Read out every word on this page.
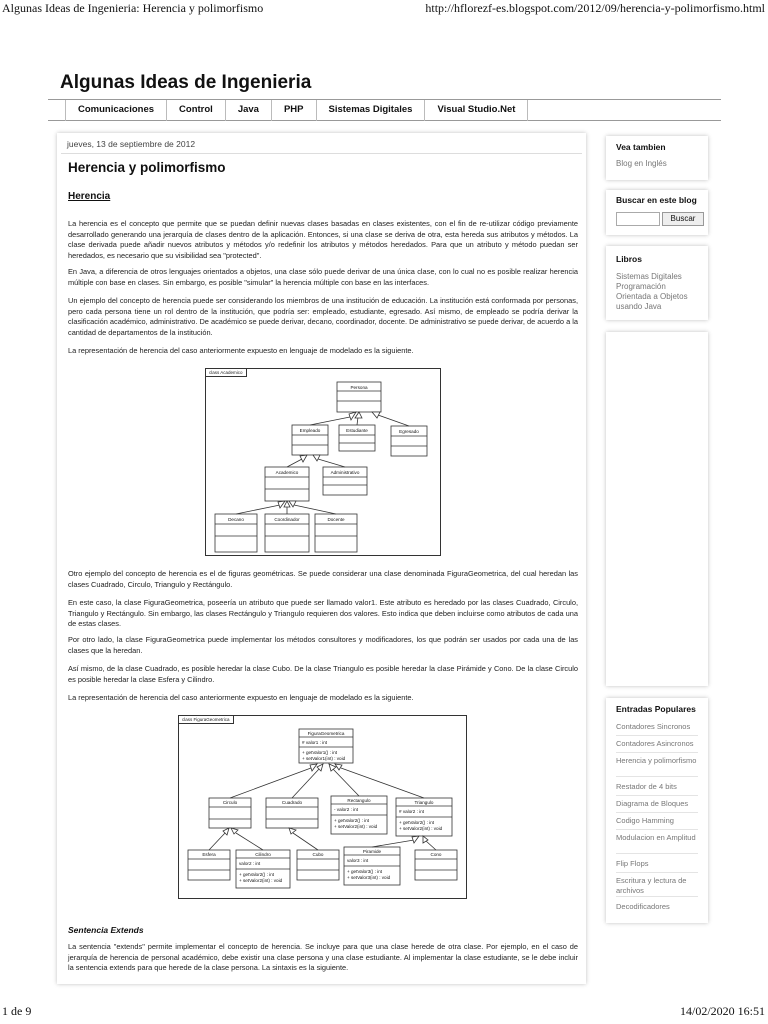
Algunas Ideas de Ingenieria: Herencia y polimorfismo	http://hflorezf-es.blogspot.com/2012/09/herencia-y-polimorfismo.html
Algunas Ideas de Ingenieria
Comunicaciones	Control	Java	PHP	Sistemas Digitales	Visual Studio.Net
jueves, 13 de septiembre de 2012
Herencia y polimorfismo
Herencia

La herencia es el concepto que permite que se puedan definir nuevas clases basadas en clases existentes, con el fin de re-utilizar código previamente desarrollado generando una jerarquía de clases dentro de la aplicación. Entonces, si una clase se deriva de otra, esta hereda sus atributos y métodos. La clase derivada puede añadir nuevos atributos y métodos y/o redefinir los atributos y métodos heredados. Para que un atributo y método puedan ser heredados, es necesario que su visibilidad sea "protected".

En Java, a diferencia de otros lenguajes orientados a objetos, una clase sólo puede derivar de una única clase, con lo cual no es posible realizar herencia múltiple con base en clases. Sin embargo, es posible "simular" la herencia múltiple con base en las interfaces.

Un ejemplo del concepto de herencia puede ser considerando los miembros de una institución de educación. La institución está conformada por personas, pero cada persona tiene un rol dentro de la institución, que podría ser: empleado, estudiante, egresado. Así mismo, de empleado se podría derivar la clasificación académico, administrativo. De académico se puede derivar, decano, coordinador, docente. De administrativo se puede derivar, de acuerdo a la cantidad de departamentos de la institución.

La representación de herencia del caso anteriormente expuesto en lenguaje de modelado es la siguiente.

Persona
Empleado	Estudiante	Egresado
Academico	Administrativo
Decano	Coordinador	Docente
class Academico

Otro ejemplo del concepto de herencia es el de figuras geométricas. Se puede considerar una clase denominada FiguraGeometrica, del cual heredan las clases Cuadrado, Circulo, Triangulo y Rectángulo.

En este caso, la clase FiguraGeometrica, poseería un atributo que puede ser llamado valor1. Este atributo es heredado por las clases Cuadrado, Circulo, Triangulo y Rectángulo. Sin embargo, las clases Rectángulo y Triangulo requieren dos valores. Esto indica que deben incluirse como atributos de cada una de estas clases.

Por otro lado, la clase FiguraGeometrica puede implementar los métodos consultores y modificadores, los que podrán ser usados por cada una de las clases que la heredan.

Así mismo, de la clase Cuadrado, es posible heredar la clase Cubo. De la clase Triangulo es posible heredar la clase Pirámide y Cono. De la clase Circulo es posible heredar la clase Esfera y Cilindro.

La representación de herencia del caso anteriormente expuesto en lenguaje de modelado es la siguiente.

FiguraGeometrica
# valor1 : int
+ getValor1() : int
+ setValor1(int) : void
Circulo	Cuadrado	Rectangulo
- valor2 : int
+ getValor2() : int
+ setValor2(int) : void
Triangulo
# valor2 : int
+ getValor2() : int
+ setValor2(int) : void
Esfera	Cilindro
valor2 : int
+ getValor2() : int
+ setValor2(int) : void
Cubo
Piramide
valor3 : int
+ getValor3() : int
+ setValor3(int) : void
Cono
class FiguraGeometrica
Sentencia Extends

La sentencia "extends" permite implementar el concepto de herencia. Se incluye para que una clase herede de otra clase. Por ejemplo, en el caso de jerarquía de herencia de personal académico, debe existir una clase persona y una clase estudiante. Al implementar la clase estudiante, se le debe incluir la sentencia extends para que herede de la clase persona. La sintaxis es la siguiente.

Vea tambien
Blog en Inglés
Buscar en este blog
Buscar
Libros
Sistemas Digitales
Programación
Orientada a Objetos
usando Java
Entradas Populares
Contadores Sincronos
Contadores Asincronos
Herencia y polimorfismo
Restador de 4 bits
Diagrama de Bloques
Codigo Hamming
Modulacion en Amplitud
Flip Flops
Escritura y lectura de archivos
Decodificadores
1 de 9	14/02/2020 16:51
